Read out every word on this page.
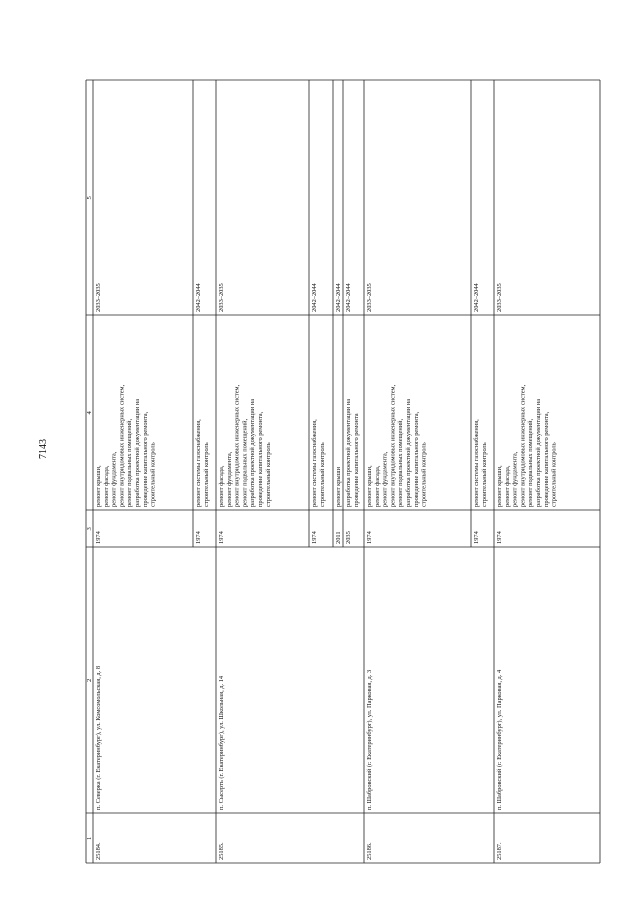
7143
1
2
3
4
5
25184.
п. Северка (г. Екатеринбург), ул. Комсомольская, д. 8
1974
ремонт крыши, ремонт фасада, ремонт фундамента, ремонт внутридомовых инженерных систем, ремонт подвальных помещений, разработка проектной документации на проведение капитального ремонта, строительный контроль
2033–2035
1974
ремонт системы газоснабжения, строительный контроль
2042–2044
25185.
п. Сысерть (г. Екатеринбург), ул. Школьная, д. 14
1974
ремонт фасада, ремонт фундамента, ремонт внутридомовых инженерных систем, ремонт подвальных помещений, разработка проектной документации на проведение капитального ремонта, строительный контроль
2033–2035
1974
ремонт системы газоснабжения, строительный контроль
2042–2044
2011
ремонт крыши
2042–2044
2035
разработка проектной документации на проведение капитального ремонта
2042–2044
25186.
п. Шабровский (г. Екатеринбург), ул. Парковая, д. 3
1974
ремонт крыши, ремонт фасада, ремонт фундамента, ремонт внутридомовых инженерных систем, ремонт подвальных помещений, разработка проектной документации на проведение капитального ремонта, строительный контроль
2033–2035
1974
ремонт системы газоснабжения, строительный контроль
2042–2044
25187.
п. Шабровский (г. Екатеринбург), ул. Парковая, д. 4
1974
ремонт крыши, ремонт фасада, ремонт фундамента, ремонт внутридомовых инженерных систем, ремонт подвальных помещений, разработка проектной документации на проведение капитального ремонта, строительный контроль
2033–2035
